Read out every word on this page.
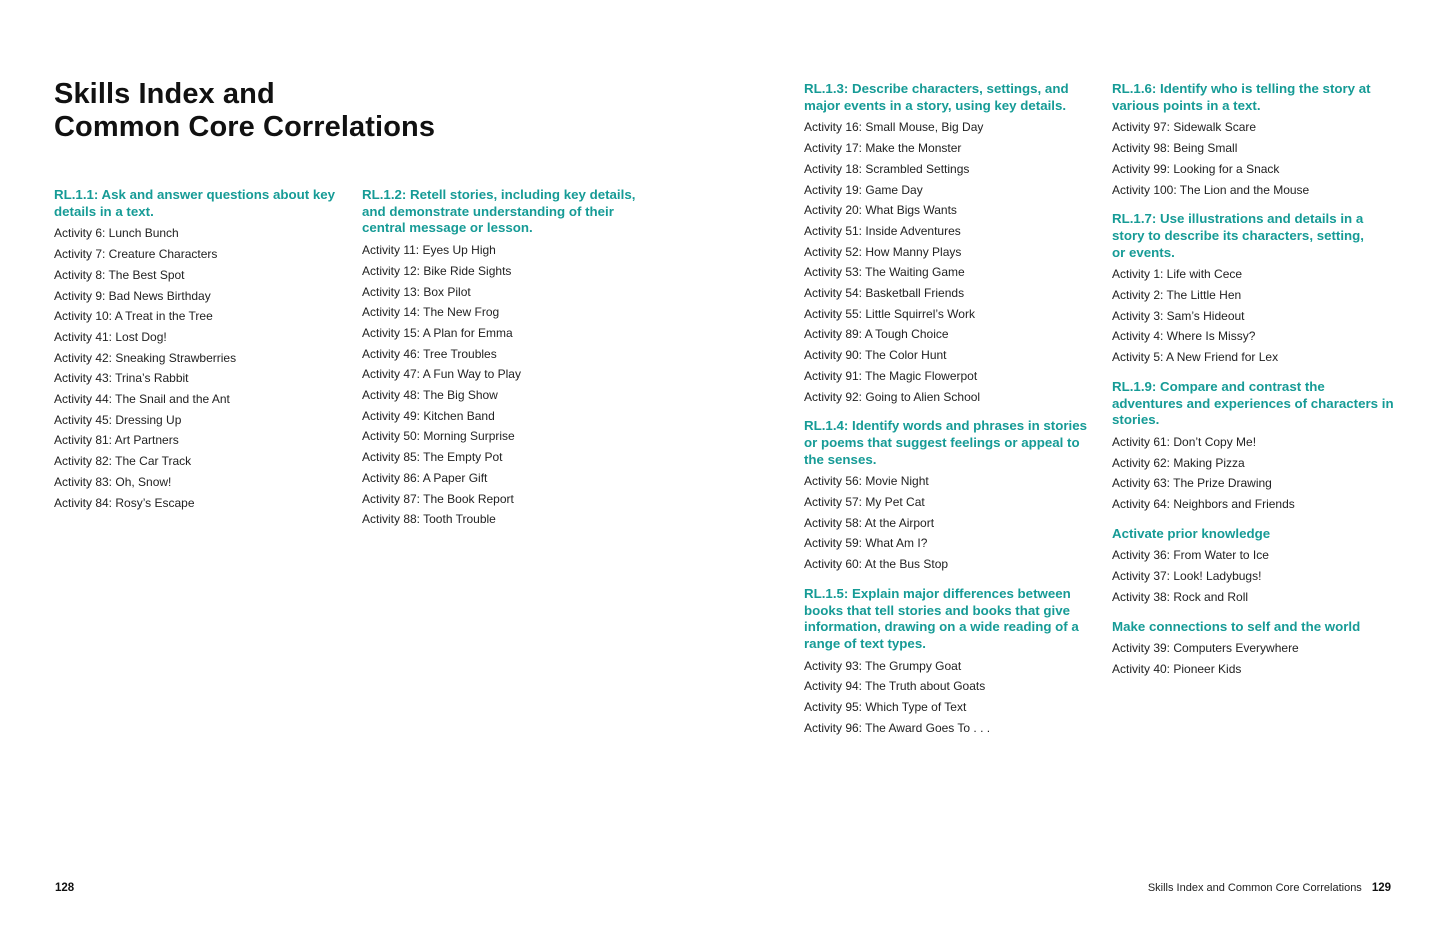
Skills Index and
Common Core Correlations
RL.1.1: Ask and answer questions about key
details in a text.
Activity 6: Lunch Bunch
Activity 7: Creature Characters
Activity 8: The Best Spot
Activity 9: Bad News Birthday
Activity 10: A Treat in the Tree
Activity 41: Lost Dog!
Activity 42: Sneaking Strawberries
Activity 43: Trina’s Rabbit
Activity 44: The Snail and the Ant
Activity 45: Dressing Up
Activity 81: Art Partners
Activity 82: The Car Track
Activity 83: Oh, Snow!
Activity 84: Rosy’s Escape
RL.1.2: Retell stories, including key details,
and demonstrate understanding of their
central message or lesson.
Activity 11: Eyes Up High
Activity 12: Bike Ride Sights
Activity 13: Box Pilot
Activity 14: The New Frog
Activity 15: A Plan for Emma
Activity 46: Tree Troubles
Activity 47: A Fun Way to Play
Activity 48: The Big Show
Activity 49: Kitchen Band
Activity 50: Morning Surprise
Activity 85: The Empty Pot
Activity 86: A Paper Gift
Activity 87: The Book Report
Activity 88: Tooth Trouble
RL.1.3: Describe characters, settings, and
major events in a story, using key details.
Activity 16: Small Mouse, Big Day
Activity 17: Make the Monster
Activity 18: Scrambled Settings
Activity 19: Game Day
Activity 20: What Bigs Wants
Activity 51: Inside Adventures
Activity 52: How Manny Plays
Activity 53: The Waiting Game
Activity 54: Basketball Friends
Activity 55: Little Squirrel’s Work
Activity 89: A Tough Choice
Activity 90: The Color Hunt
Activity 91: The Magic Flowerpot
Activity 92: Going to Alien School
RL.1.4: Identify words and phrases in stories
or poems that suggest feelings or appeal to
the senses.
Activity 56: Movie Night
Activity 57: My Pet Cat
Activity 58: At the Airport
Activity 59: What Am I?
Activity 60: At the Bus Stop
RL.1.5: Explain major differences between
books that tell stories and books that give
information, drawing on a wide reading of a
range of text types.
Activity 93: The Grumpy Goat
Activity 94: The Truth about Goats
Activity 95: Which Type of Text
Activity 96: The Award Goes To . . .
RL.1.6: Identify who is telling the story at
various points in a text.
Activity 97: Sidewalk Scare
Activity 98: Being Small
Activity 99: Looking for a Snack
Activity 100: The Lion and the Mouse
RL.1.7: Use illustrations and details in a
story to describe its characters, setting,
or events.
Activity 1: Life with Cece
Activity 2: The Little Hen
Activity 3: Sam’s Hideout
Activity 4: Where Is Missy?
Activity 5: A New Friend for Lex
RL.1.9: Compare and contrast the
adventures and experiences of characters in
stories.
Activity 61: Don’t Copy Me!
Activity 62: Making Pizza
Activity 63: The Prize Drawing
Activity 64: Neighbors and Friends
Activate prior knowledge
Activity 36: From Water to Ice
Activity 37: Look! Ladybugs!
Activity 38: Rock and Roll
Make connections to self and the world
Activity 39: Computers Everywhere
Activity 40: Pioneer Kids
128	Skills Index and Common Core Correlations 129
